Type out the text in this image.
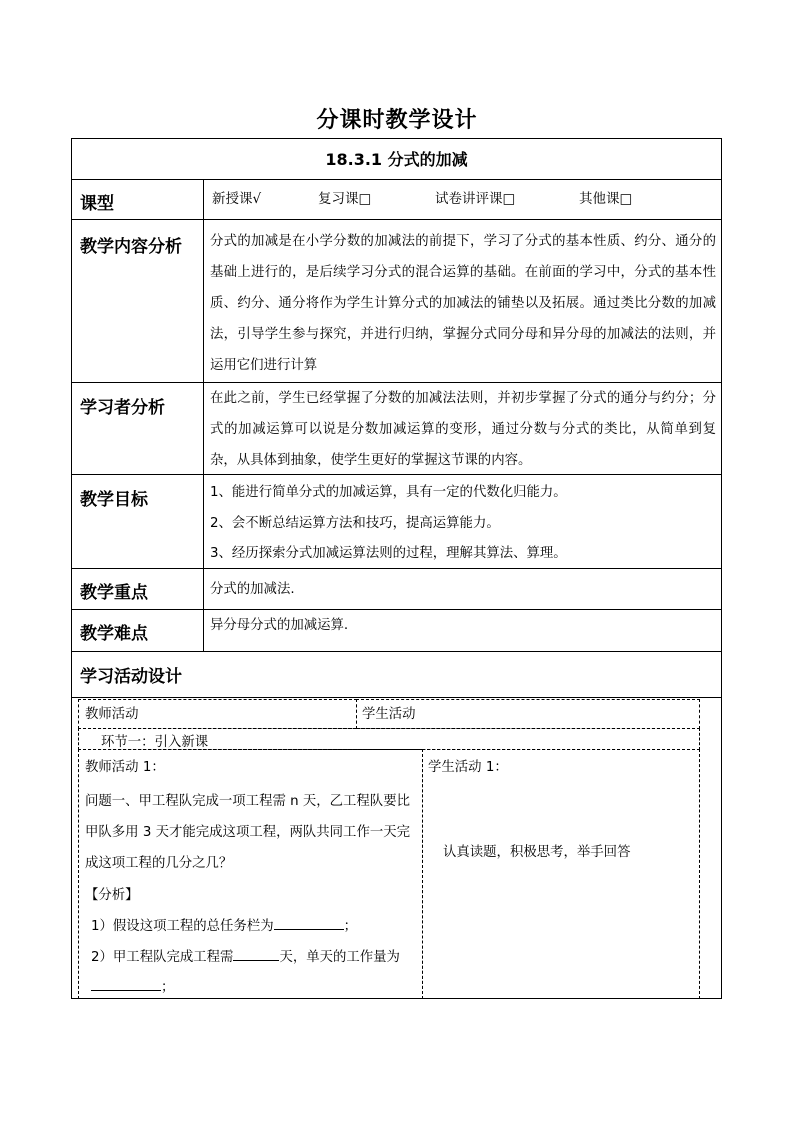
分课时教学设计
18.3.1 分式的加减
课型	新授课√	复习课□	试卷讲评课□	其他课□
教学内容分析 分式的加减是在小学分数的加减法的前提下，学习了分式的基本性质、约分、通分的基础上进行的，是后续学习分式的混合运算的基础。在前面的学习中，分式的基本性质、约分、通分将作为学生计算分式的加减法的铺垫以及拓展。通过类比分数的加减法，引导学生参与探究，并进行归纳，掌握分式同分母和异分母的加减法的法则，并运用它们进行计算
学习者分析	在此之前，学生已经掌握了分数的加减法法则，并初步掌握了分式的通分与约分；分式的加减运算可以说是分数加减运算的变形，通过分数与分式的类比，从简单到复杂，从具体到抽象，使学生更好的掌握这节课的内容。
教学目标	1、能进行简单分式的加减运算，具有一定的代数化归能力。
2、会不断总结运算方法和技巧，提高运算能力。
3、经历探索分式加减运算法则的过程，理解其算法、算理。
教学重点	分式的加减法.
教学难点	异分母分式的加减运算.
学习活动设计
教师活动	学生活动
环节一：引入新课
教师活动 1：
问题一、甲工程队完成一项工程需 n 天，乙工程队要比
甲队多用 3 天才能完成这项工程，两队共同工作一天完
成这项工程的几分之几？
【分析】
1）假设这项工程的总任务栏为	；
2）甲工程队完成工程需	天，单天的工作量为
；
学生活动 1：
认真读题，积极思考，举手回答
